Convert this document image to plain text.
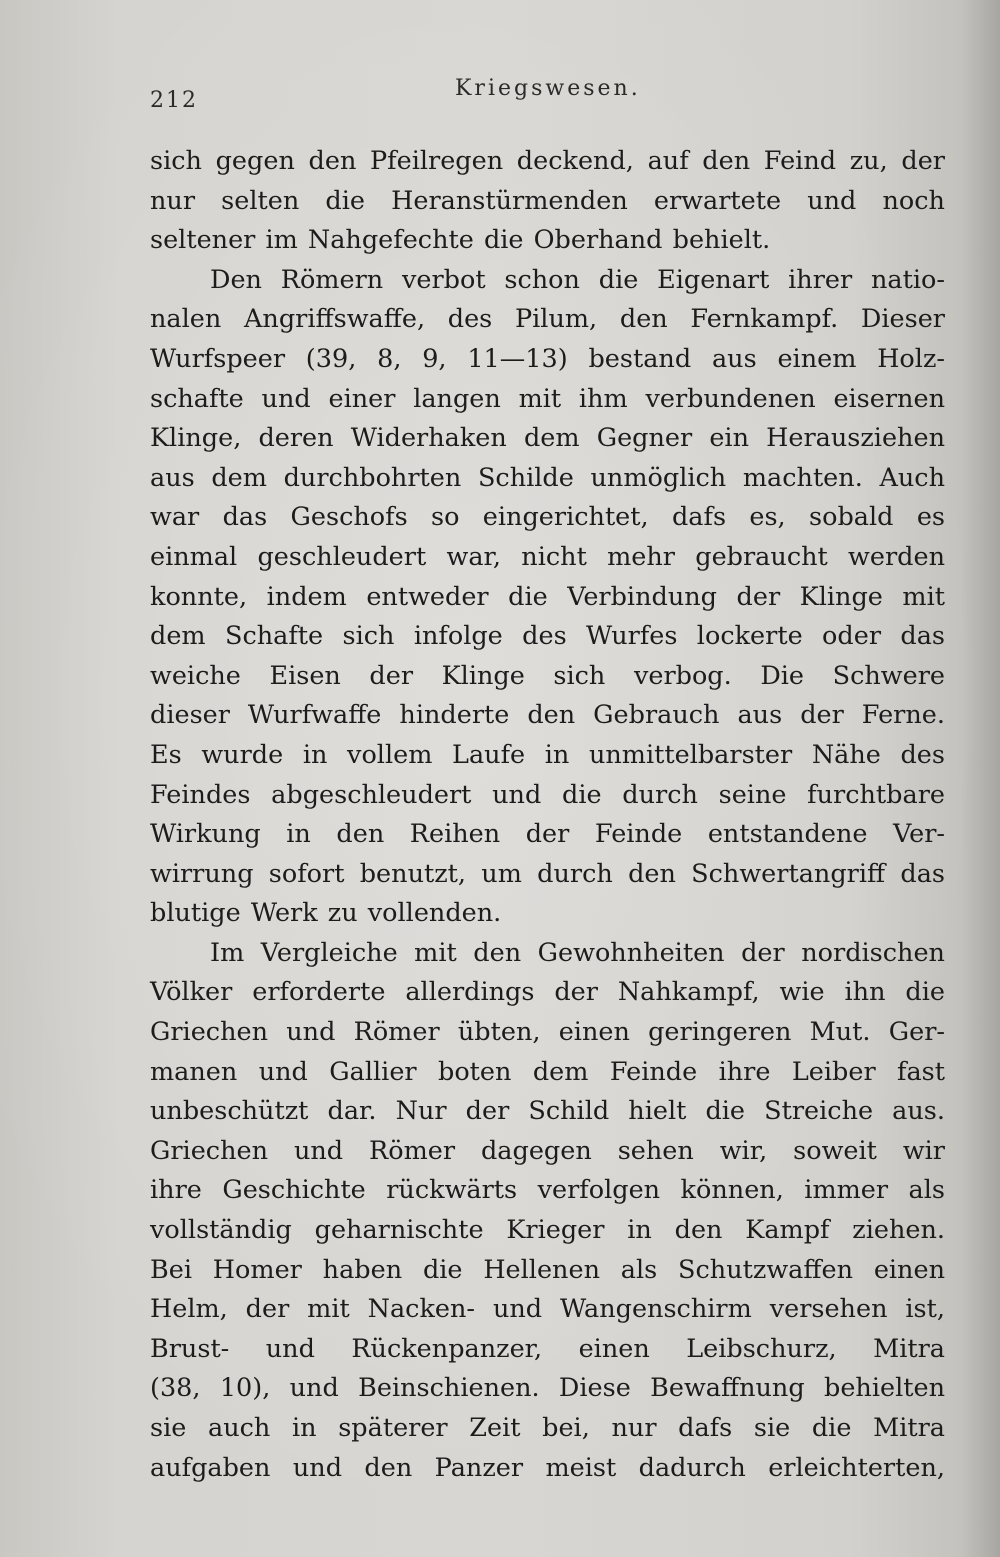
212	Kriegswesen.
sich gegen den Pfeilregen deckend, auf den Feind zu, der
nur selten die Heranstürmenden erwartete und noch
seltener im Nahgefechte die Oberhand behielt.
Den Römern verbot schon die Eigenart ihrer natio-
nalen Angriffswaffe, des Pilum, den Fernkampf. Dieser
Wurfspeer (39, 8, 9, 11—13) bestand aus einem Holz-
schafte und einer langen mit ihm verbundenen eisernen
Klinge, deren Widerhaken dem Gegner ein Herausziehen
aus dem durchbohrten Schilde unmöglich machten. Auch
war das Geschofs so eingerichtet, dafs es, sobald es
einmal geschleudert war, nicht mehr gebraucht werden
konnte, indem entweder die Verbindung der Klinge mit
dem Schafte sich infolge des Wurfes lockerte oder das
weiche Eisen der Klinge sich verbog. Die Schwere
dieser Wurfwaffe hinderte den Gebrauch aus der Ferne.
Es wurde in vollem Laufe in unmittelbarster Nähe des
Feindes abgeschleudert und die durch seine furchtbare
Wirkung in den Reihen der Feinde entstandene Ver-
wirrung sofort benutzt, um durch den Schwertangriff das
blutige Werk zu vollenden.
Im Vergleiche mit den Gewohnheiten der nordischen
Völker erforderte allerdings der Nahkampf, wie ihn die
Griechen und Römer übten, einen geringeren Mut. Ger-
manen und Gallier boten dem Feinde ihre Leiber fast
unbeschützt dar. Nur der Schild hielt die Streiche aus.
Griechen und Römer dagegen sehen wir, soweit wir
ihre Geschichte rückwärts verfolgen können, immer als
vollständig geharnischte Krieger in den Kampf ziehen.
Bei Homer haben die Hellenen als Schutzwaffen einen
Helm, der mit Nacken- und Wangenschirm versehen ist,
Brust- und Rückenpanzer, einen Leibschurz, Mitra
(38, 10), und Beinschienen. Diese Bewaffnung behielten
sie auch in späterer Zeit bei, nur dafs sie die Mitra
aufgaben und den Panzer meist dadurch erleichterten,
